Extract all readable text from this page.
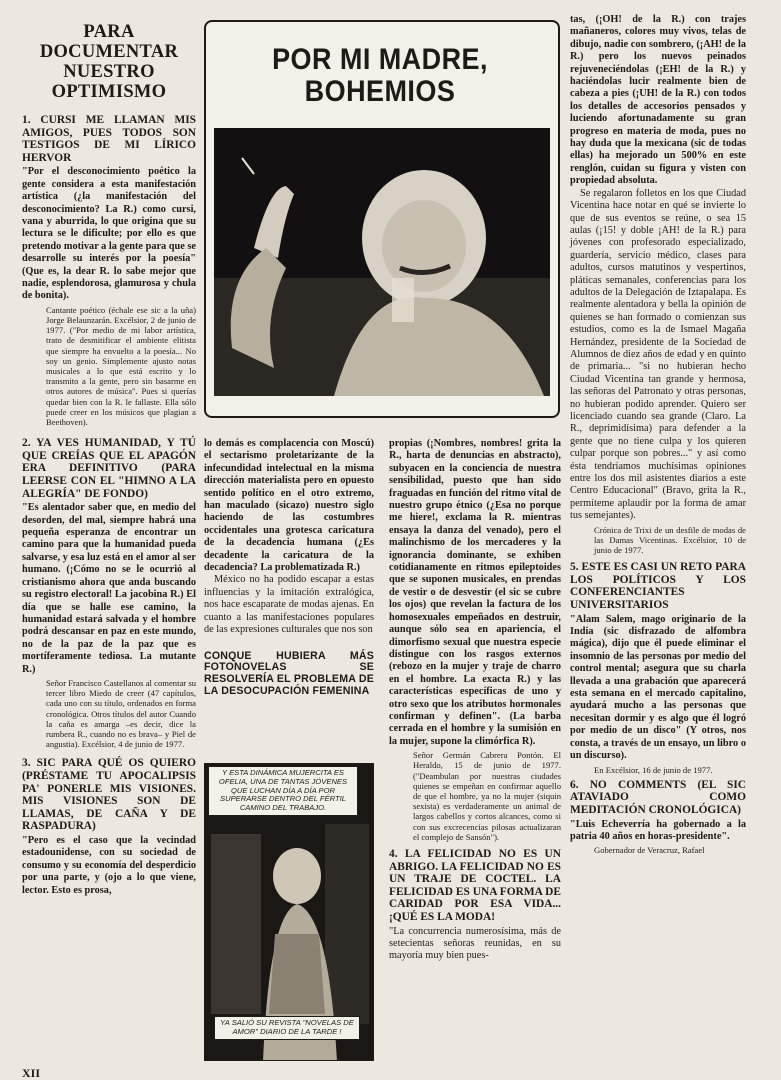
PARA DOCUMENTAR NUESTRO OPTIMISMO
1. CURSI ME LLAMAN MIS AMIGOS, PUES TODOS SON TESTIGOS DE MI LÍRICO HERVOR

"Por el desconocimiento poético la gente considera a esta manifestación artística (¿la manifestación del desconocimiento? La R.) como cursi, vana y aburrida, lo que origina que su lectura se le dificulte; por ello es que pretendo motivar a la gente para que se desarrolle su interés por la poesía" (Que es, la dear R. lo sabe mejor que nadie, esplendorosa, glamurosa y chula de bonita).

Cantante poético (échale ese sic a la uña) Jorge Belaunzarán. Excélsior, 2 de junio de 1977. ("Por medio de mi labor artística, trato de desmitificar el ambiente elitista que siempre ha envuelto a la poesía... No soy un genio. Simplemente ajusto notas musicales a lo que está escrito y lo transmito a la gente, pero sin basarme en otros autores de música". Pues si querías quedar bien con la R. le fallaste. Ella sólo puede creer en los músicos que plagian a Beethoven).

2. YA VES HUMANIDAD, Y TÚ QUE CREÍAS QUE EL APAGÓN ERA DEFINITIVO (PARA LEERSE CON EL "HIMNO A LA ALEGRÍA" DE FONDO)

"Es alentador saber que, en medio del desorden, del mal, siempre habrá una pequeña esperanza de encontrar un camino para que la humanidad pueda salvarse, y esa luz está en el amor al ser humano. (¡Cómo no se le ocurrió al cristianismo ahora que anda buscando su registro electoral! La jacobina R.) El día que se halle ese camino, la humanidad estará salvada y el hombre podrá descansar en paz en este mundo, no de la paz de la paz que es mortíferamente tediosa. La mutante R.)

Señor Francisco Castellanos al comentar su tercer libro Miedo de creer (47 capítulos, cada uno con su título, ordenados en forma cronológica. Otros títulos del autor Cuando la caña es amarga –es decir, dice la rumbera R., cuando no es brava– y Piel de angustia). Excélsior, 4 de junio de 1977.

3. SIC PARA QUÉ OS QUIERO (PRÉSTAME TU APOCALIPSIS PA' PONERLE MIS VISIONES. MIS VISIONES SON DE LLAMAS, DE CAÑA Y DE RASPADURA)

"Pero es el caso que la vecindad estadounidense, con su sociedad de consumo y su economía del desperdicio por una parte, y (ojo a lo que viene, lector. Esto es prosa,

POR MI MADRE, BOHEMIOS

lo demás es complacencia con Moscú) el sectarismo proletarizante de la infecundidad intelectual en la misma dirección materialista pero en opuesto sentido político en el otro extremo, han maculado (sicazo) nuestro siglo haciendo de las costumbres occidentales una grotesca caricatura de la decadencia humana (¿Es decadente la caricatura de la decadencia? La problematizada R.)

México no ha podido escapar a estas influencias y la imitación extralógica, nos hace escaparate de modas ajenas. En cuanto a las manifestaciones populares de las expresiones culturales que nos son

CONQUE HUBIERA MÁS FOTONOVELAS SE RESOLVERÍA EL PROBLEMA DE LA DESOCUPACIÓN FEMENINA
Y ESTA DINÁMICA MUJERCITA ES OFELIA, UNA DE TANTAS JÓVENES QUE LUCHAN DÍA A DÍA POR SUPERARSE DENTRO DEL FÉRTIL CAMINO DEL TRABAJO.
YA SALIÓ SU REVISTA "NOVELAS DE AMOR" DIARIO DE LA TARDE !

propias (¡Nombres, nombres! grita la R., harta de denuncias en abstracto), subyacen en la conciencia de nuestra sensibilidad, puesto que han sido fraguadas en función del ritmo vital de nuestro grupo étnico (¿Esa no porque me hiere!, exclama la R. mientras ensaya la danza del venado), pero el malinchismo de los mercaderes y la ignorancia dominante, se exhiben cotidianamente en ritmos epileptoides que se suponen musicales, en prendas de vestir o de desvestir (el sic se cubre los ojos) que revelan la factura de los homosexuales empeñados en destruir, aunque sólo sea en apariencia, el dimorfismo sexual que nuestra especie distingue con los rasgos externos (rebozo en la mujer y traje de charro en el hombre. La exacta R.) y las características específicas de uno y otro sexo que los atributos hormonales confirman y definen". (La barba cerrada en el hombre y la sumisión en la mujer, supone la climórfica R).

Señor Germán Cabrera Pontón. El Heraldo, 15 de junio de 1977. ("Deambulan por nuestras ciudades quienes se empeñan en confirmar aquello de que el hombre, ya no la mujer (siquin sexista) es verdaderamente un animal de largos cabellos y cortos alcances, como si con sus excrecencias pilosas actualizaran el complejo de Sansón").

4. LA FELICIDAD NO ES UN ABRIGO. LA FELICIDAD NO ES UN TRAJE DE COCTEL. LA FELICIDAD ES UNA FORMA DE CARIDAD POR ESA VIDA... ¡QUÉ ES LA MODA!

"La concurrencia numerosísima, más de setecientas señoras reunidas, en su mayoría muy bien pues-

tas, (¡OH! de la R.) con trajes mañaneros, colores muy vivos, telas de dibujo, nadie con sombrero, (¡AH! de la R.) pero los nuevos peinados rejuveneciéndolas (¡EH! de la R.) y haciéndolas lucir realmente bien de cabeza a pies (¡UH! de la R.) con todos los detalles de accesorios pensados y luciendo afortunadamente su gran progreso en materia de moda, pues no hay duda que la mexicana (sic de todas ellas) ha mejorado un 500% en este renglón, cuidan su figura y visten con propiedad absoluta.

Se regalaron folletos en los que Ciudad Vicentina hace notar en qué se invierte lo que de sus eventos se reúne, o sea 15 aulas (¡15! y doble ¡AH! de la R.) para jóvenes con profesorado especializado, guardería, servicio médico, clases para adultos, cursos matutinos y vespertinos, pláticas semanales, conferencias para los adultos de la Delegación de Iztapalapa. Es realmente alentadora y bella la opinión de quienes se han formado o comienzan sus estudios, como es la de Ismael Magaña Hernández, presidente de la Sociedad de Alumnos de diez años de edad y en quinto de primaria... "si no hubieran hecho Ciudad Vicentina tan grande y hermosa, las señoras del Patronato y otras personas, no hubieran podido aprender. Quiero ser licenciado cuando sea grande (Claro. La R., deprimidísima) para defender a la gente que no tiene culpa y los quieren culpar porque son pobres..." y así como ésta tendríamos muchísimas opiniones entre los dos mil asistentes diarios a este Centro Educacional" (Bravo, grita la R., permíteme aplaudir por la forma de amar tus semejantes).

Crónica de Trixi de un desfile de modas de las Damas Vicentinas. Excélsior, 10 de junio de 1977.

5. ESTE ES CASI UN RETO PARA LOS POLÍTICOS Y LOS CONFERENCIANTES UNIVERSITARIOS

"Alam Salem, mago originario de la India (sic disfrazado de alfombra mágica), dijo que él puede eliminar el insomnio de las personas por medio del control mental; asegura que su charla llevada a una grabación que aparecerá esta semana en el mercado capitalino, ayudará mucho a las personas que necesitan dormir y es algo que él logró por medio de un disco" (Y otros, nos consta, a través de un ensayo, un libro o un discurso).

En Excélsior, 16 de junio de 1977.

6. NO COMMENTS (EL SIC ATAVIADO COMO MEDITACIÓN CRONOLÓGICA)

"Luis Echeverría ha gobernado a la patria 40 años en horas-presidente".

Gobernador de Veracruz, Rafael

XII
